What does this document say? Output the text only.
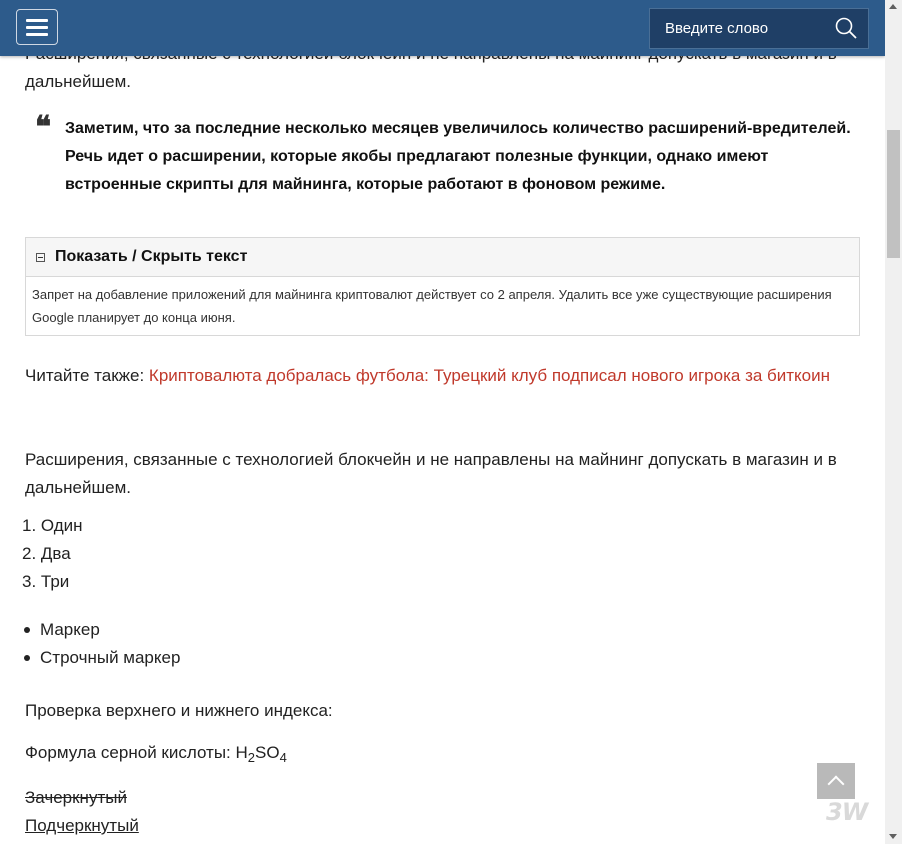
дальнейшем.

❝ Заметим, что за последние несколько месяцев увеличилось количество расширений-вредителей. Речь идет о расширении, которые якобы предлагают полезные функции, однако имеют встроенные скрипты для майнинга, которые работают в фоновом режиме.
Показать / Скрыть текст
Запрет на добавление приложений для майнинга криптовалют действует со 2 апреля. Удалить все уже существующие расширения Google планирует до конца июня.

Читайте также: Криптовалюта добралась футбола: Турецкий клуб подписал нового игрока за биткоин

Расширения, связанные с технологией блокчейн и не направлены на майнинг допускать в магазин и в дальнейшем.

1. Один
2. Два
3. Три
Маркер
Строчный маркер

Проверка верхнего и нижнего индекса:

Формула серной кислоты: $H_2SO_4$

Зачеркнутый

Подчеркнутый

Введите слово	3W
